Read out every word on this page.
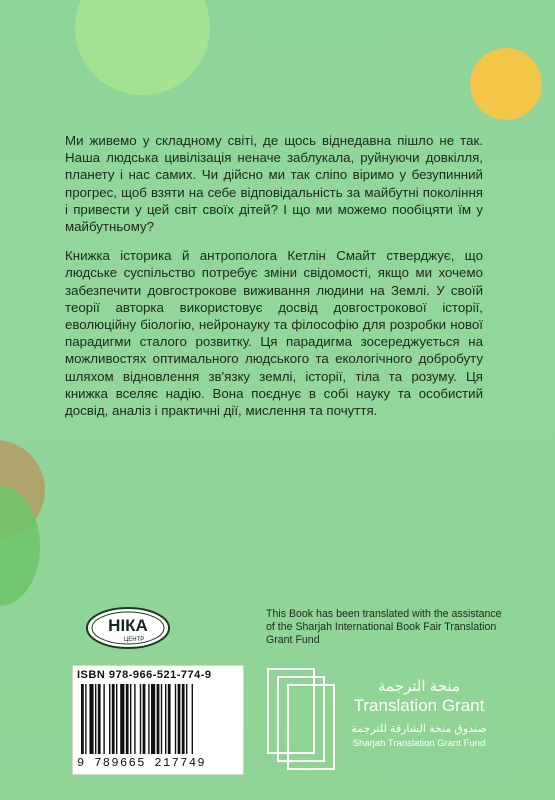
Ми живемо у складному світі, де щось віднедавна пішло не так. Наша людська цивілізація неначе заблукала, руйнуючи довкілля, планету і нас самих. Чи дійсно ми так сліпо віримо у безупинний прогрес, щоб взяти на себе відповідальність за майбутні покоління і привести у цей світ своїх дітей? І що ми можемо пообіцяти їм у майбутньому?

Книжка історика й антрополога Кетлін Смайт стверджує, що людське суспільство потребує зміни свідомості, якщо ми хочемо забезпечити довгострокове виживання людини на Землі. У своїй теорії авторка використовує досвід довгострокової історії, еволюційну біологію, нейронауку та філософію для розробки нової парадигми сталого розвитку. Ця парадигма зосереджується на можливостях оптимального людського та екологічного добробуту шляхом відновлення зв'язку землі, історії, тіла та розуму. Ця книжка вселяє надію. Вона поєднує в собі науку та особистий досвід, аналіз і практичні дії, мислення та почуття.

НІКА
ЦЕНТР
This Book has been translated with the assistance of the Sharjah International Book Fair Translation Grant Fund
ISBN 978-966-521-774-9
9 789665 217749
منحة الترجمة
Translation Grant
صندوق منحة الشارقة للترجمة
Sharjah Translation Grant Fund
